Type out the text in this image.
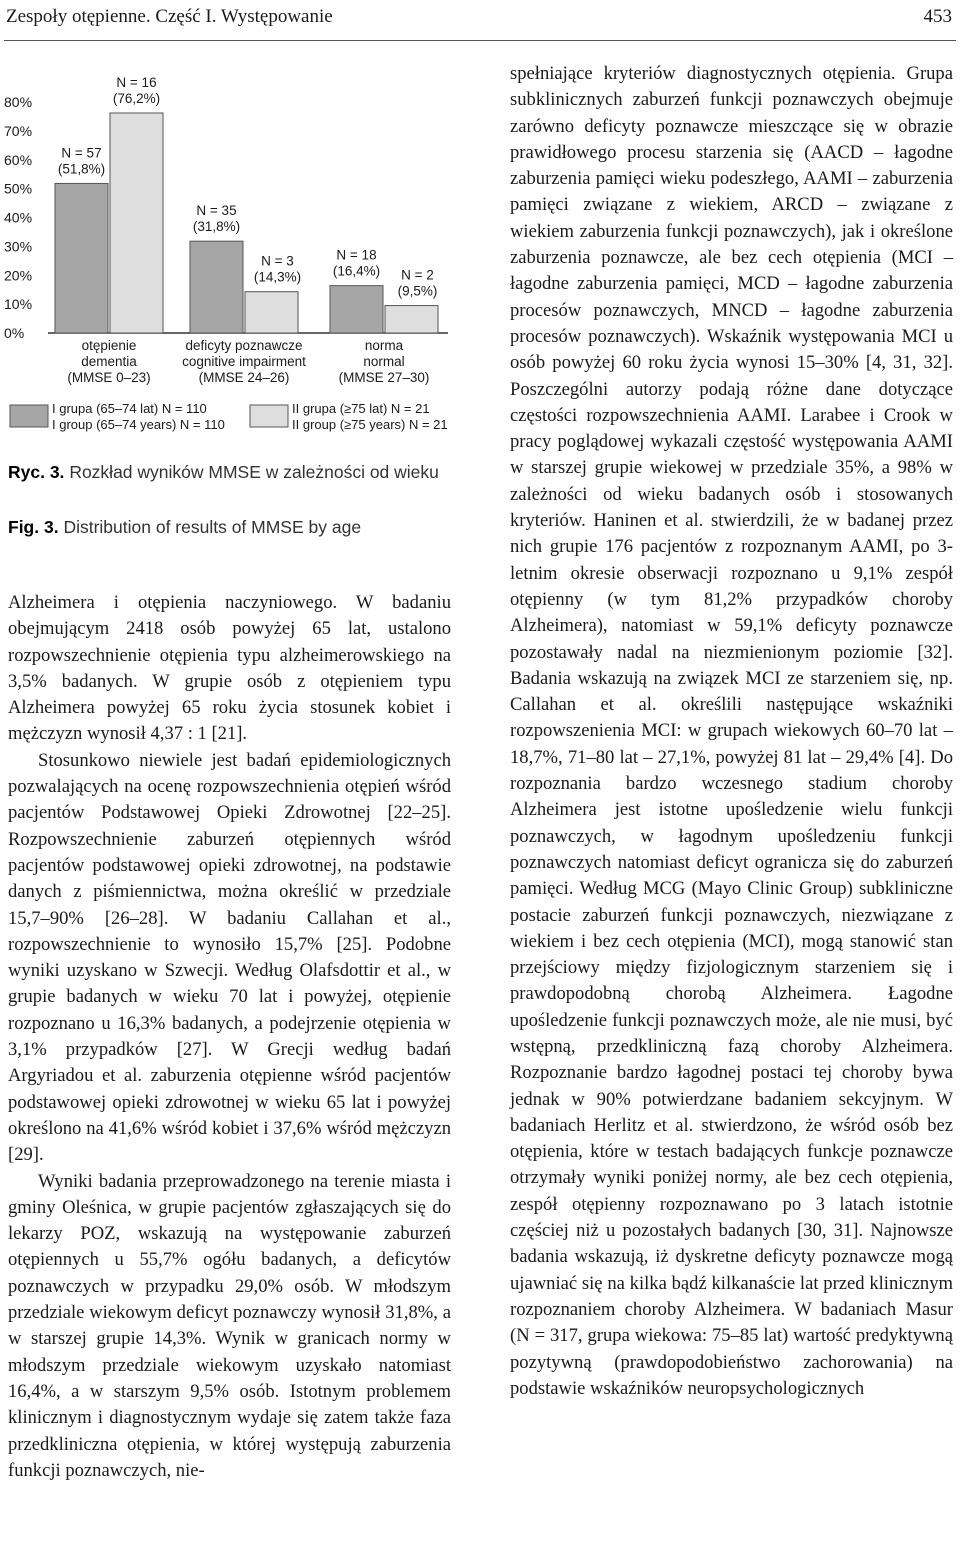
Zespoły otępienne. Część I. Występowanie	453
80%
70%
60%
50%
40%
30%
20%
10%
0%
N = 57
(51,8%)
N = 16
(76,2%)
otępienie
dementia
(MMSE 0–23)
N = 35
(31,8%)
N = 3
(14,3%)
deficyty poznawcze
cognitive impairment
(MMSE 24–26)
N = 18
(16,4%) N = 2
(9,5%)
norma
normal
(MMSE 27–30)
I grupa (65–74 lat) N = 110
I group (65–74 years) N = 110
II grupa (≥75 lat) N = 21
II group (≥75 years) N = 21
Ryc. 3. Rozkład wyników MMSE w zależności od wieku
Fig. 3. Distribution of results of MMSE by age

Alzheimera i otępienia naczyniowego. W badaniu obejmującym 2418 osób powyżej 65 lat, ustalono rozpowszechnienie otępienia typu alzheimerowskiego na 3,5% badanych. W grupie osób z otępieniem typu Alzheimera powyżej 65 roku życia stosunek kobiet i mężczyzn wynosił 4,37 : 1 [21].

Stosunkowo niewiele jest badań epidemiologicznych pozwalających na ocenę rozpowszechnienia otępień wśród pacjentów Podstawowej Opieki Zdrowotnej [22–25]. Rozpowszechnienie zaburzeń otępiennych wśród pacjentów podstawowej opieki zdrowotnej, na podstawie danych z piśmiennictwa, można określić w przedziale 15,7–90% [26–28]. W badaniu Callahan et al., rozpowszechnienie to wynosiło 15,7% [25]. Podobne wyniki uzyskano w Szwecji. Według Olafsdottir et al., w grupie badanych w wieku 70 lat i powyżej, otępienie rozpoznano u 16,3% badanych, a podejrzenie otępienia w 3,1% przypadków [27]. W Grecji według badań Argyriadou et al. zaburzenia otępienne wśród pacjentów podstawowej opieki zdrowotnej w wieku 65 lat i powyżej określono na 41,6% wśród kobiet i 37,6% wśród mężczyzn [29].

Wyniki badania przeprowadzonego na terenie miasta i gminy Oleśnica, w grupie pacjentów zgłaszających się do lekarzy POZ, wskazują na występowanie zaburzeń otępiennych u 55,7% ogółu badanych, a deficytów poznawczych w przypadku 29,0% osób. W młodszym przedziale wiekowym deficyt poznawczy wynosił 31,8%, a w starszej grupie 14,3%. Wynik w granicach normy w młodszym przedziale wiekowym uzyskało natomiast 16,4%, a w starszym 9,5% osób. Istotnym problemem klinicznym i diagnostycznym wydaje się zatem także faza przedkliniczna otępienia, w której występują zaburzenia funkcji poznawczych, nie-

spełniające kryteriów diagnostycznych otępienia. Grupa subklinicznych zaburzeń funkcji poznawczych obejmuje zarówno deficyty poznawcze mieszczące się w obrazie prawidłowego procesu starzenia się (AACD – łagodne zaburzenia pamięci wieku podeszłego, AAMI – zaburzenia pamięci związane z wiekiem, ARCD – związane z wiekiem zaburzenia funkcji poznawczych), jak i określone zaburzenia poznawcze, ale bez cech otępienia (MCI – łagodne zaburzenia pamięci, MCD – łagodne zaburzenia procesów poznawczych, MNCD – łagodne zaburzenia procesów poznawczych). Wskaźnik występowania MCI u osób powyżej 60 roku życia wynosi 15–30% [4, 31, 32]. Poszczególni autorzy podają różne dane dotyczące częstości rozpowszechnienia AAMI. Larabee i Crook w pracy poglądowej wykazali częstość występowania AAMI w starszej grupie wiekowej w przedziale 35%, a 98% w zależności od wieku badanych osób i stosowanych kryteriów. Haninen et al. stwierdzili, że w badanej przez nich grupie 176 pacjentów z rozpoznanym AAMI, po 3-letnim okresie obserwacji rozpoznano u 9,1% zespół otępienny (w tym 81,2% przypadków choroby Alzheimera), natomiast w 59,1% deficyty poznawcze pozostawały nadal na niezmienionym poziomie [32]. Badania wskazują na związek MCI ze starzeniem się, np. Callahan et al. określili następujące wskaźniki rozpowszenienia MCI: w grupach wiekowych 60–70 lat – 18,7%, 71–80 lat – 27,1%, powyżej 81 lat – 29,4% [4]. Do rozpoznania bardzo wczesnego stadium choroby Alzheimera jest istotne upośledzenie wielu funkcji poznawczych, w łagodnym upośledzeniu funkcji poznawczych natomiast deficyt ogranicza się do zaburzeń pamięci. Według MCG (Mayo Clinic Group) subkliniczne postacie zaburzeń funkcji poznawczych, niezwiązane z wiekiem i bez cech otępienia (MCI), mogą stanowić stan przejściowy między fizjologicznym starzeniem się i prawdopodobną chorobą Alzheimera. Łagodne upośledzenie funkcji poznawczych może, ale nie musi, być wstępną, przedkliniczną fazą choroby Alzheimera. Rozpoznanie bardzo łagodnej postaci tej choroby bywa jednak w 90% potwierdzane badaniem sekcyjnym. W badaniach Herlitz et al. stwierdzono, że wśród osób bez otępienia, które w testach badających funkcje poznawcze otrzymały wyniki poniżej normy, ale bez cech otępienia, zespół otępienny rozpoznawano po 3 latach istotnie częściej niż u pozostałych badanych [30, 31]. Najnowsze badania wskazują, iż dyskretne deficyty poznawcze mogą ujawniać się na kilka bądź kilkanaście lat przed klinicznym rozpoznaniem choroby Alzheimera. W badaniach Masur (N = 317, grupa wiekowa: 75–85 lat) wartość predyktywną pozytywną (prawdopodobieństwo zachorowania) na podstawie wskaźników neuropsychologicznych
